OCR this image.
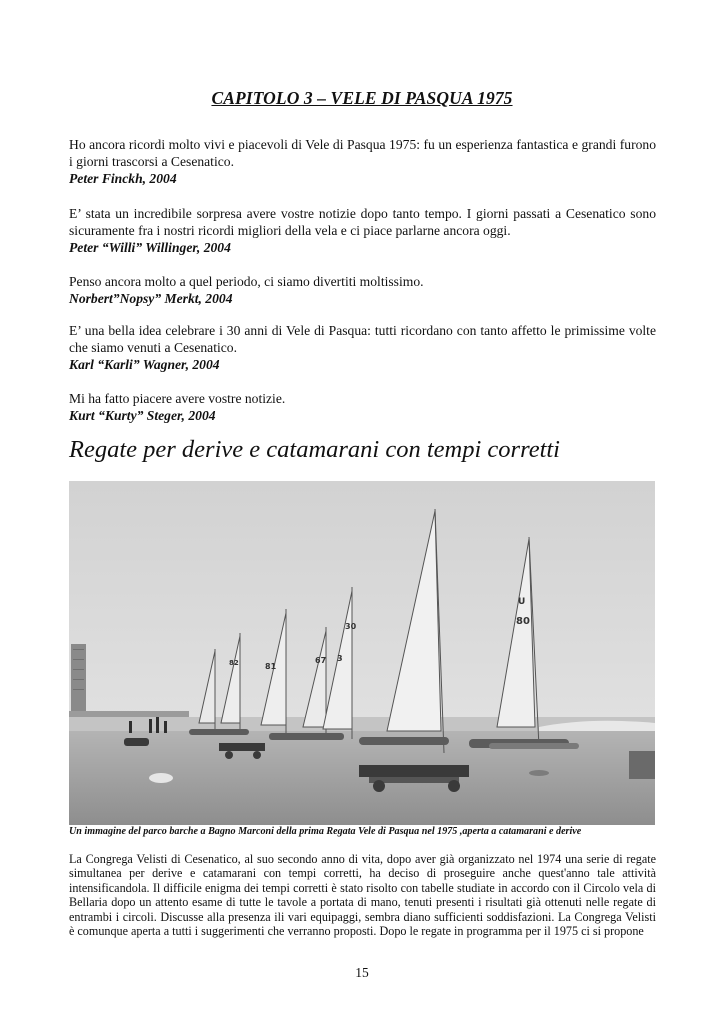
CAPITOLO 3 – VELE DI PASQUA 1975

Ho ancora ricordi molto vivi e piacevoli di Vele di Pasqua 1975: fu un esperienza fantastica e grandi furono i giorni trascorsi a Cesenatico.

Peter Finckh, 2004

E’ stata un incredibile sorpresa avere vostre notizie dopo tanto tempo. I giorni passati a Cesenatico sono sicuramente fra i nostri ricordi migliori della vela e ci piace parlarne ancora oggi.

Peter “Willi” Willinger, 2004

Penso ancora molto a quel periodo, ci siamo divertiti moltissimo.

Norbert”Nopsy” Merkt, 2004

E’ una bella idea celebrare i 30 anni di Vele di Pasqua: tutti ricordano con tanto affetto le primissime volte che siamo venuti a Cesenatico.

Karl “Karli” Wagner, 2004

Mi ha fatto piacere avere vostre notizie.

Kurt “Kurty” Steger, 2004

Regate per derive e catamarani con tempi corretti
80
U
30
81
67
82	3
Un immagine del parco barche a Bagno Marconi della prima Regata Vele di Pasqua nel 1975 ,aperta a catamarani e derive

La Congrega Velisti di Cesenatico, al suo secondo anno di vita, dopo aver già organizzato nel 1974 una serie di regate simultanea per derive e catamarani con tempi corretti, ha deciso di proseguire anche quest'anno tale attività intensificandola. Il difficile enigma dei tempi corretti è stato risolto con tabelle studiate in accordo con il Circolo vela di Bellaria dopo un attento esame di tutte le tavole a portata di mano, tenuti presenti i risultati già ottenuti nelle regate di entrambi i circoli. Discusse alla presenza ili vari equipaggi, sembra diano sufficienti soddisfazioni. La Congrega Velisti è comunque aperta a tutti i suggerimenti che verranno proposti. Dopo le regate in programma per il 1975 ci si propone

15
